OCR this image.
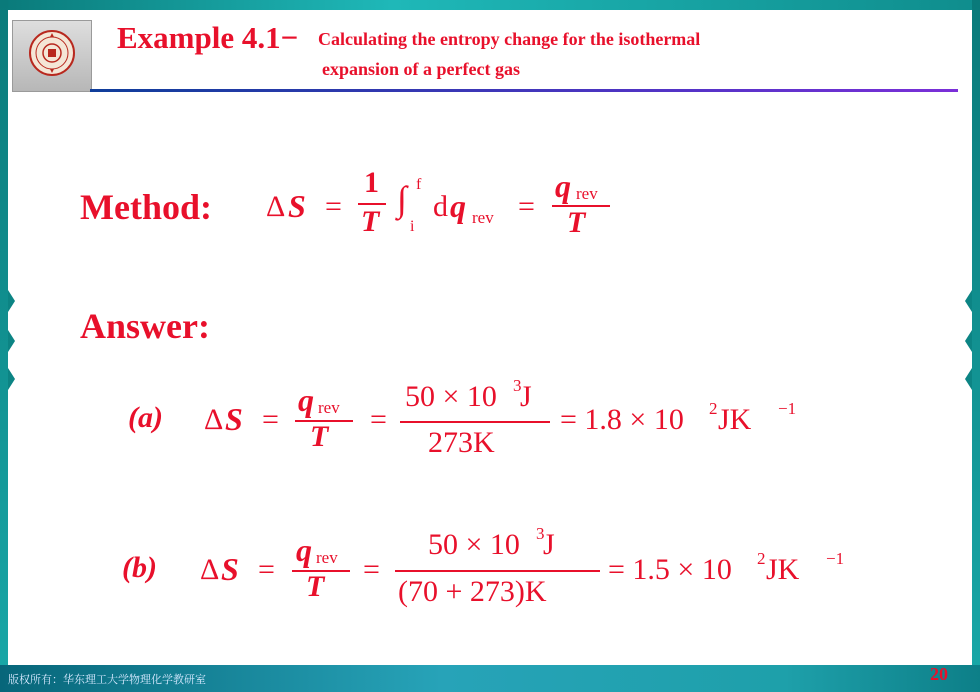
Example 4.1− Calculating the entropy change for the isothermal
expansion of a perfect gas
Method: Δ S =
1
T
∫ f
i
d q rev =
q rev
T
Answer:
(a) Δ S =
q rev
T
=
50 × 10 3
J
273K
= 1.8 × 10 2 JK −1
(b) Δ S =
q rev
T
=
50 × 10 3
J
(70 + 273)K
= 1.5 × 10 2 JK −1
版权所有：华东理工大学物理化学教研室	20
